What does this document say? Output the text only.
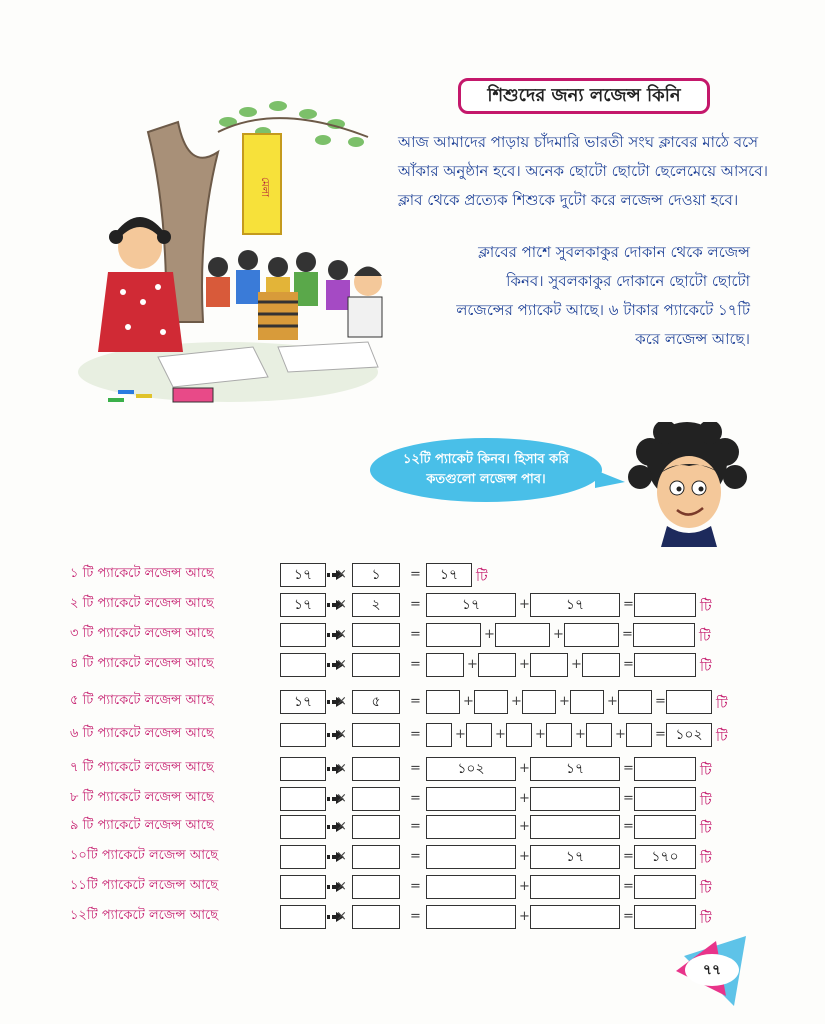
শিশুদের জন্য লজেন্স কিনি
আজ আমাদের পাড়ায় চাঁদমারি ভারতী সংঘ ক্লাবের মাঠে বসে আঁকার অনুষ্ঠান হবে। অনেক ছোটো ছোটো ছেলেমেয়ে আসবে। ক্লাব থেকে প্রত্যেক শিশুকে দুটো করে লজেন্স দেওয়া হবে।
ক্লাবের পাশে সুবলকাকুর দোকান থেকে লজেন্স কিনব। সুবলকাকুর দোকানে ছোটো ছোটো লজেন্সের প্যাকেট আছে। ৬ টাকার প্যাকেটে ১৭টি করে লজেন্স আছে।
মেলা
১২টি প্যাকেট কিনব। হিসাব করি
কতগুলো লজেন্স পাব।
১ টি প্যাকেটে লজেন্স আছে	১৭	×	১	=	১৭	টি
২ টি প্যাকেটে লজেন্স আছে	১৭	×	২	=	১৭	+	১৭	=	টি
৩ টি প্যাকেটে লজেন্স আছে	×	=	+	+	=	টি
৪ টি প্যাকেটে লজেন্স আছে	×	=	+	+	+	=	টি
৫ টি প্যাকেটে লজেন্স আছে	১৭	×	৫	=	+	+	+	+	=	টি
৬ টি প্যাকেটে লজেন্স আছে	×	=	+ + + + + = ১০২ টি
৭ টি প্যাকেটে লজেন্স আছে	×	=	১০২	+	১৭	=	টি
৮ টি প্যাকেটে লজেন্স আছে	×	=	+	=	টি
৯ টি প্যাকেটে লজেন্স আছে	×	=	+	=	টি
১০টি প্যাকেটে লজেন্স আছে	×	=	+	১৭	=	১৭০	টি
১১টি প্যাকেটে লজেন্স আছে	×	=	+	=	টি
১২টি প্যাকেটে লজেন্স আছে	×	=	+	=	টি
৭৭
